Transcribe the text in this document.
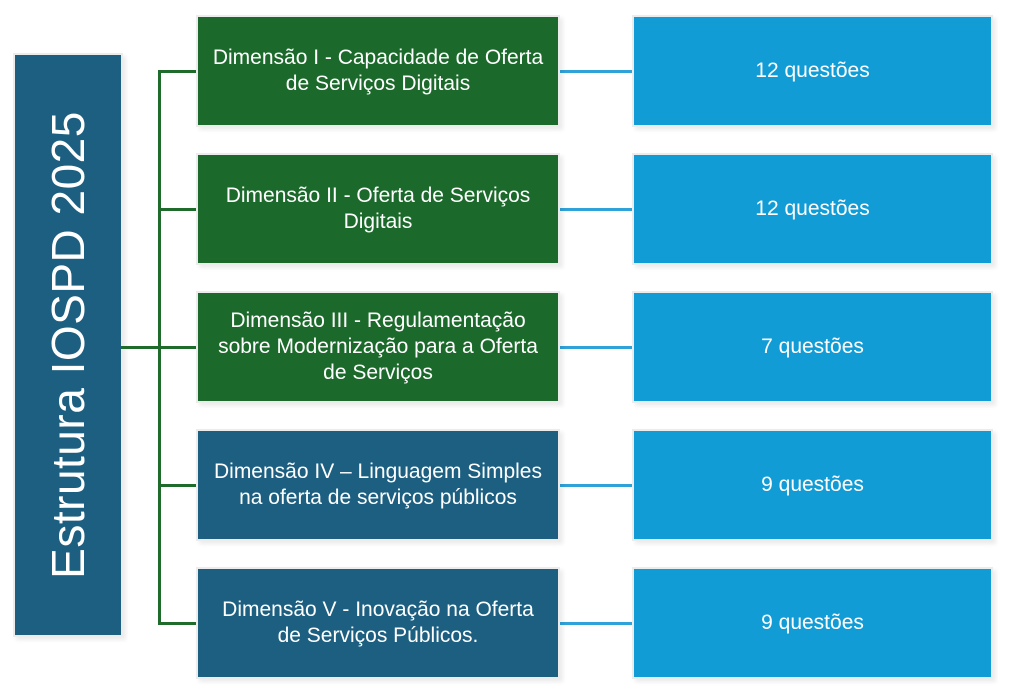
Estrutura IOSPD 2025
Dimensão I - Capacidade de Oferta de Serviços Digitais
Dimensão II - Oferta de Serviços Digitais
Dimensão III - Regulamentação sobre Modernização para a Oferta de Serviços
Dimensão IV – Linguagem Simples na oferta de serviços públicos
Dimensão V - Inovação na Oferta de Serviços Públicos.
12 questões
12 questões
7 questões
9 questões
9 questões
